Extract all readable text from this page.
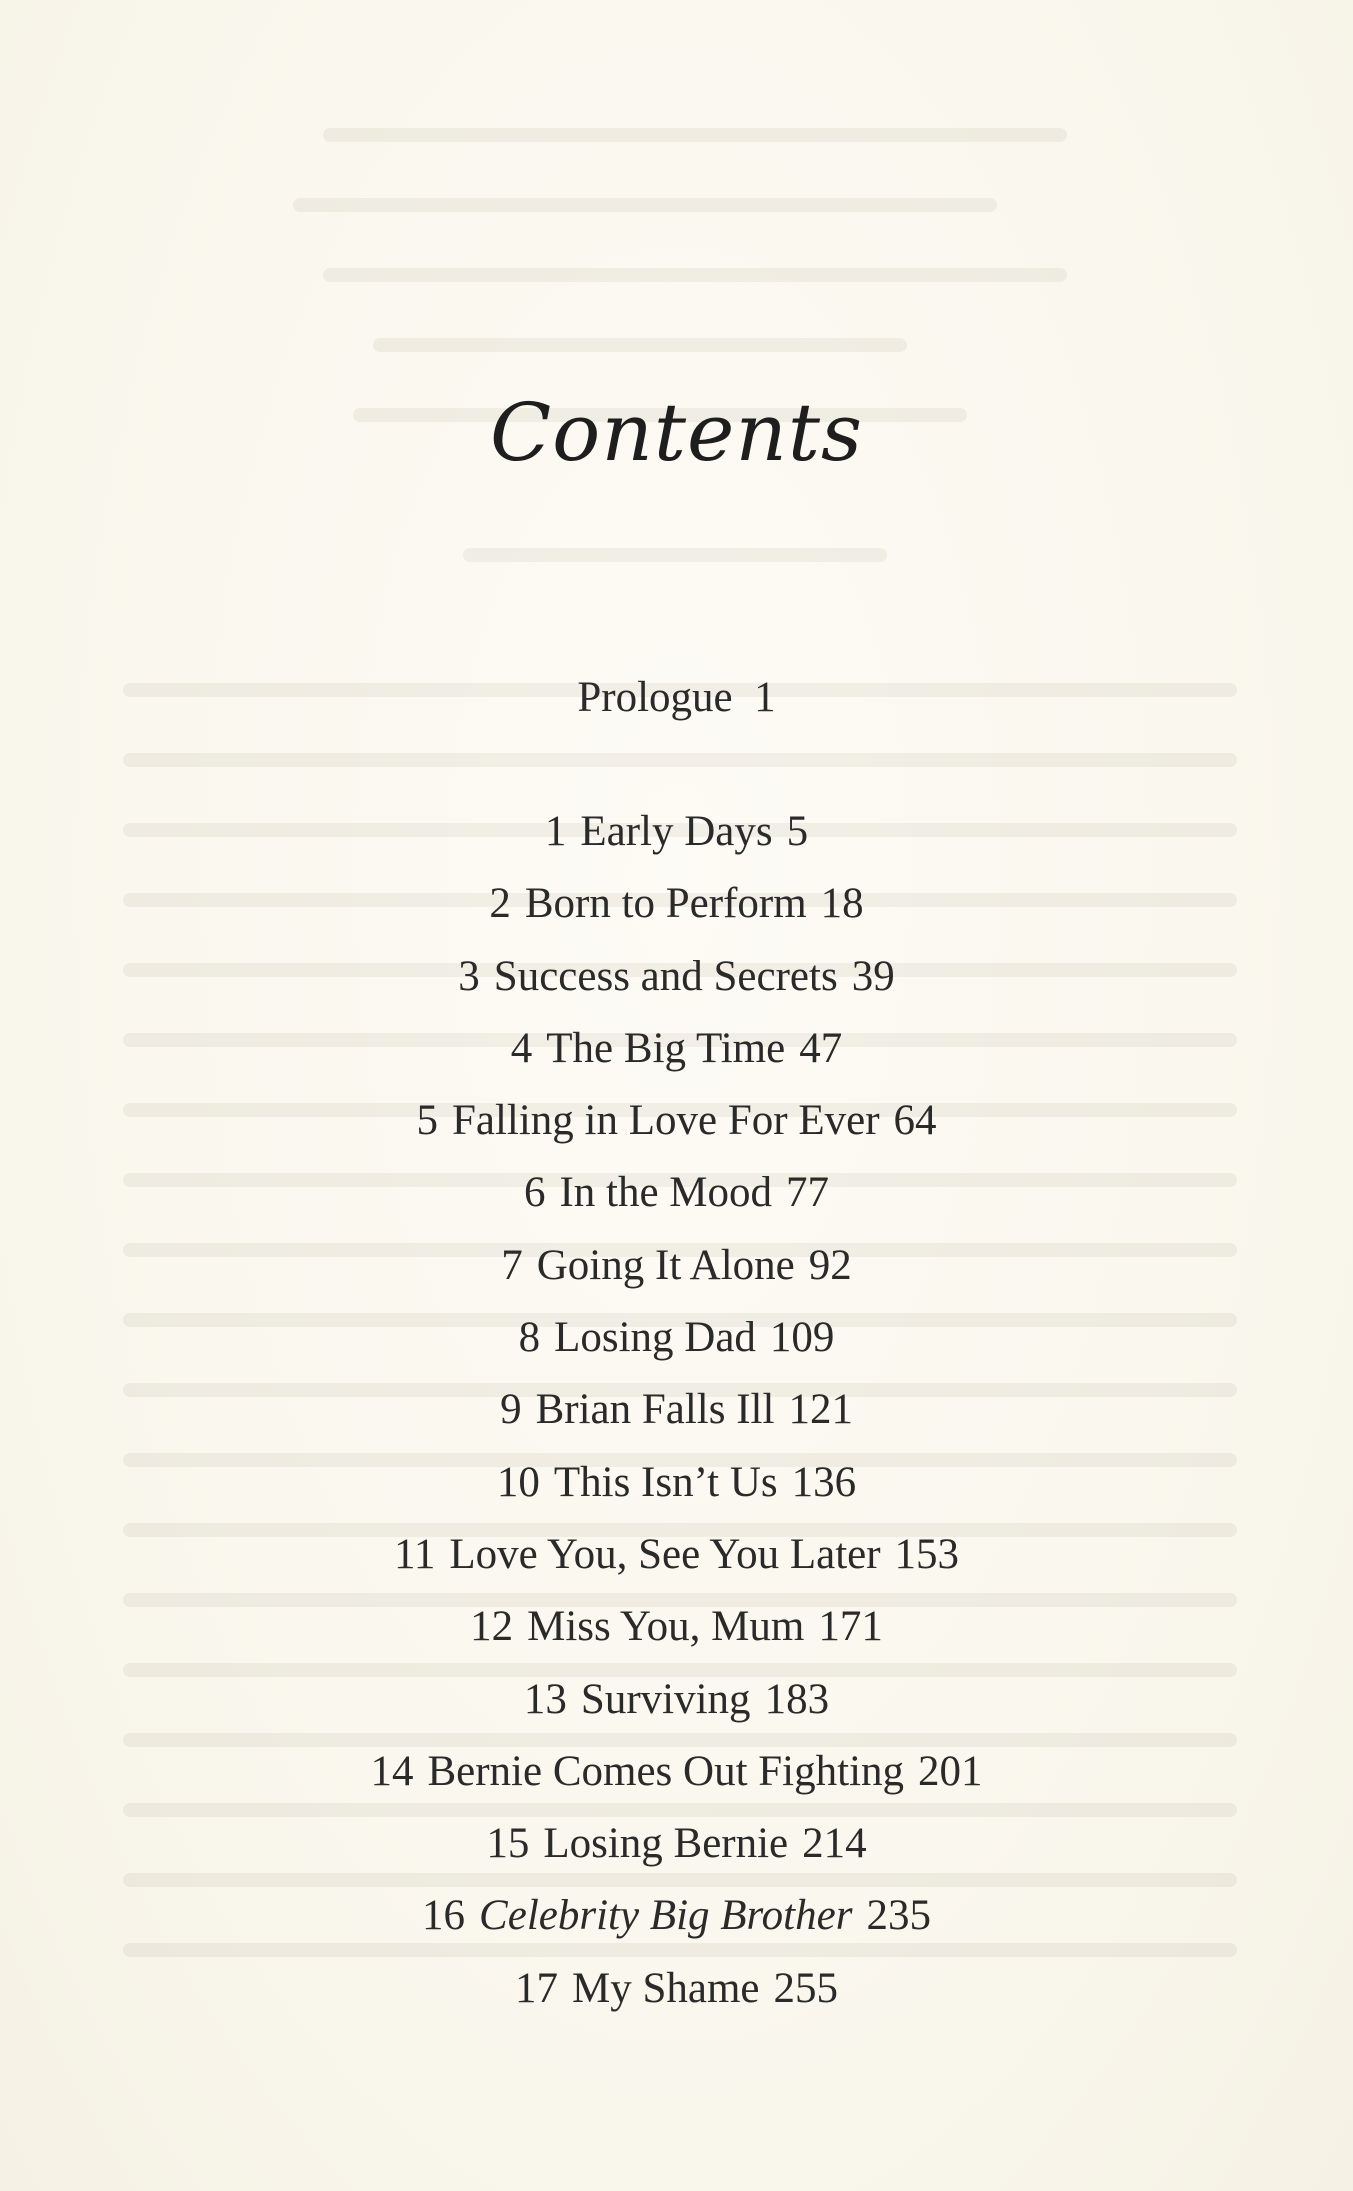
Contents
Prologue 1
1 Early Days 5
2 Born to Perform 18
3 Success and Secrets 39
4 The Big Time 47
5 Falling in Love For Ever 64
6 In the Mood 77
7 Going It Alone 92
8 Losing Dad 109
9 Brian Falls Ill 121
10 This Isn’t Us 136
11 Love You, See You Later 153
12 Miss You, Mum 171
13 Surviving 183
14 Bernie Comes Out Fighting 201
15 Losing Bernie 214
16 Celebrity Big Brother 235
17 My Shame 255
